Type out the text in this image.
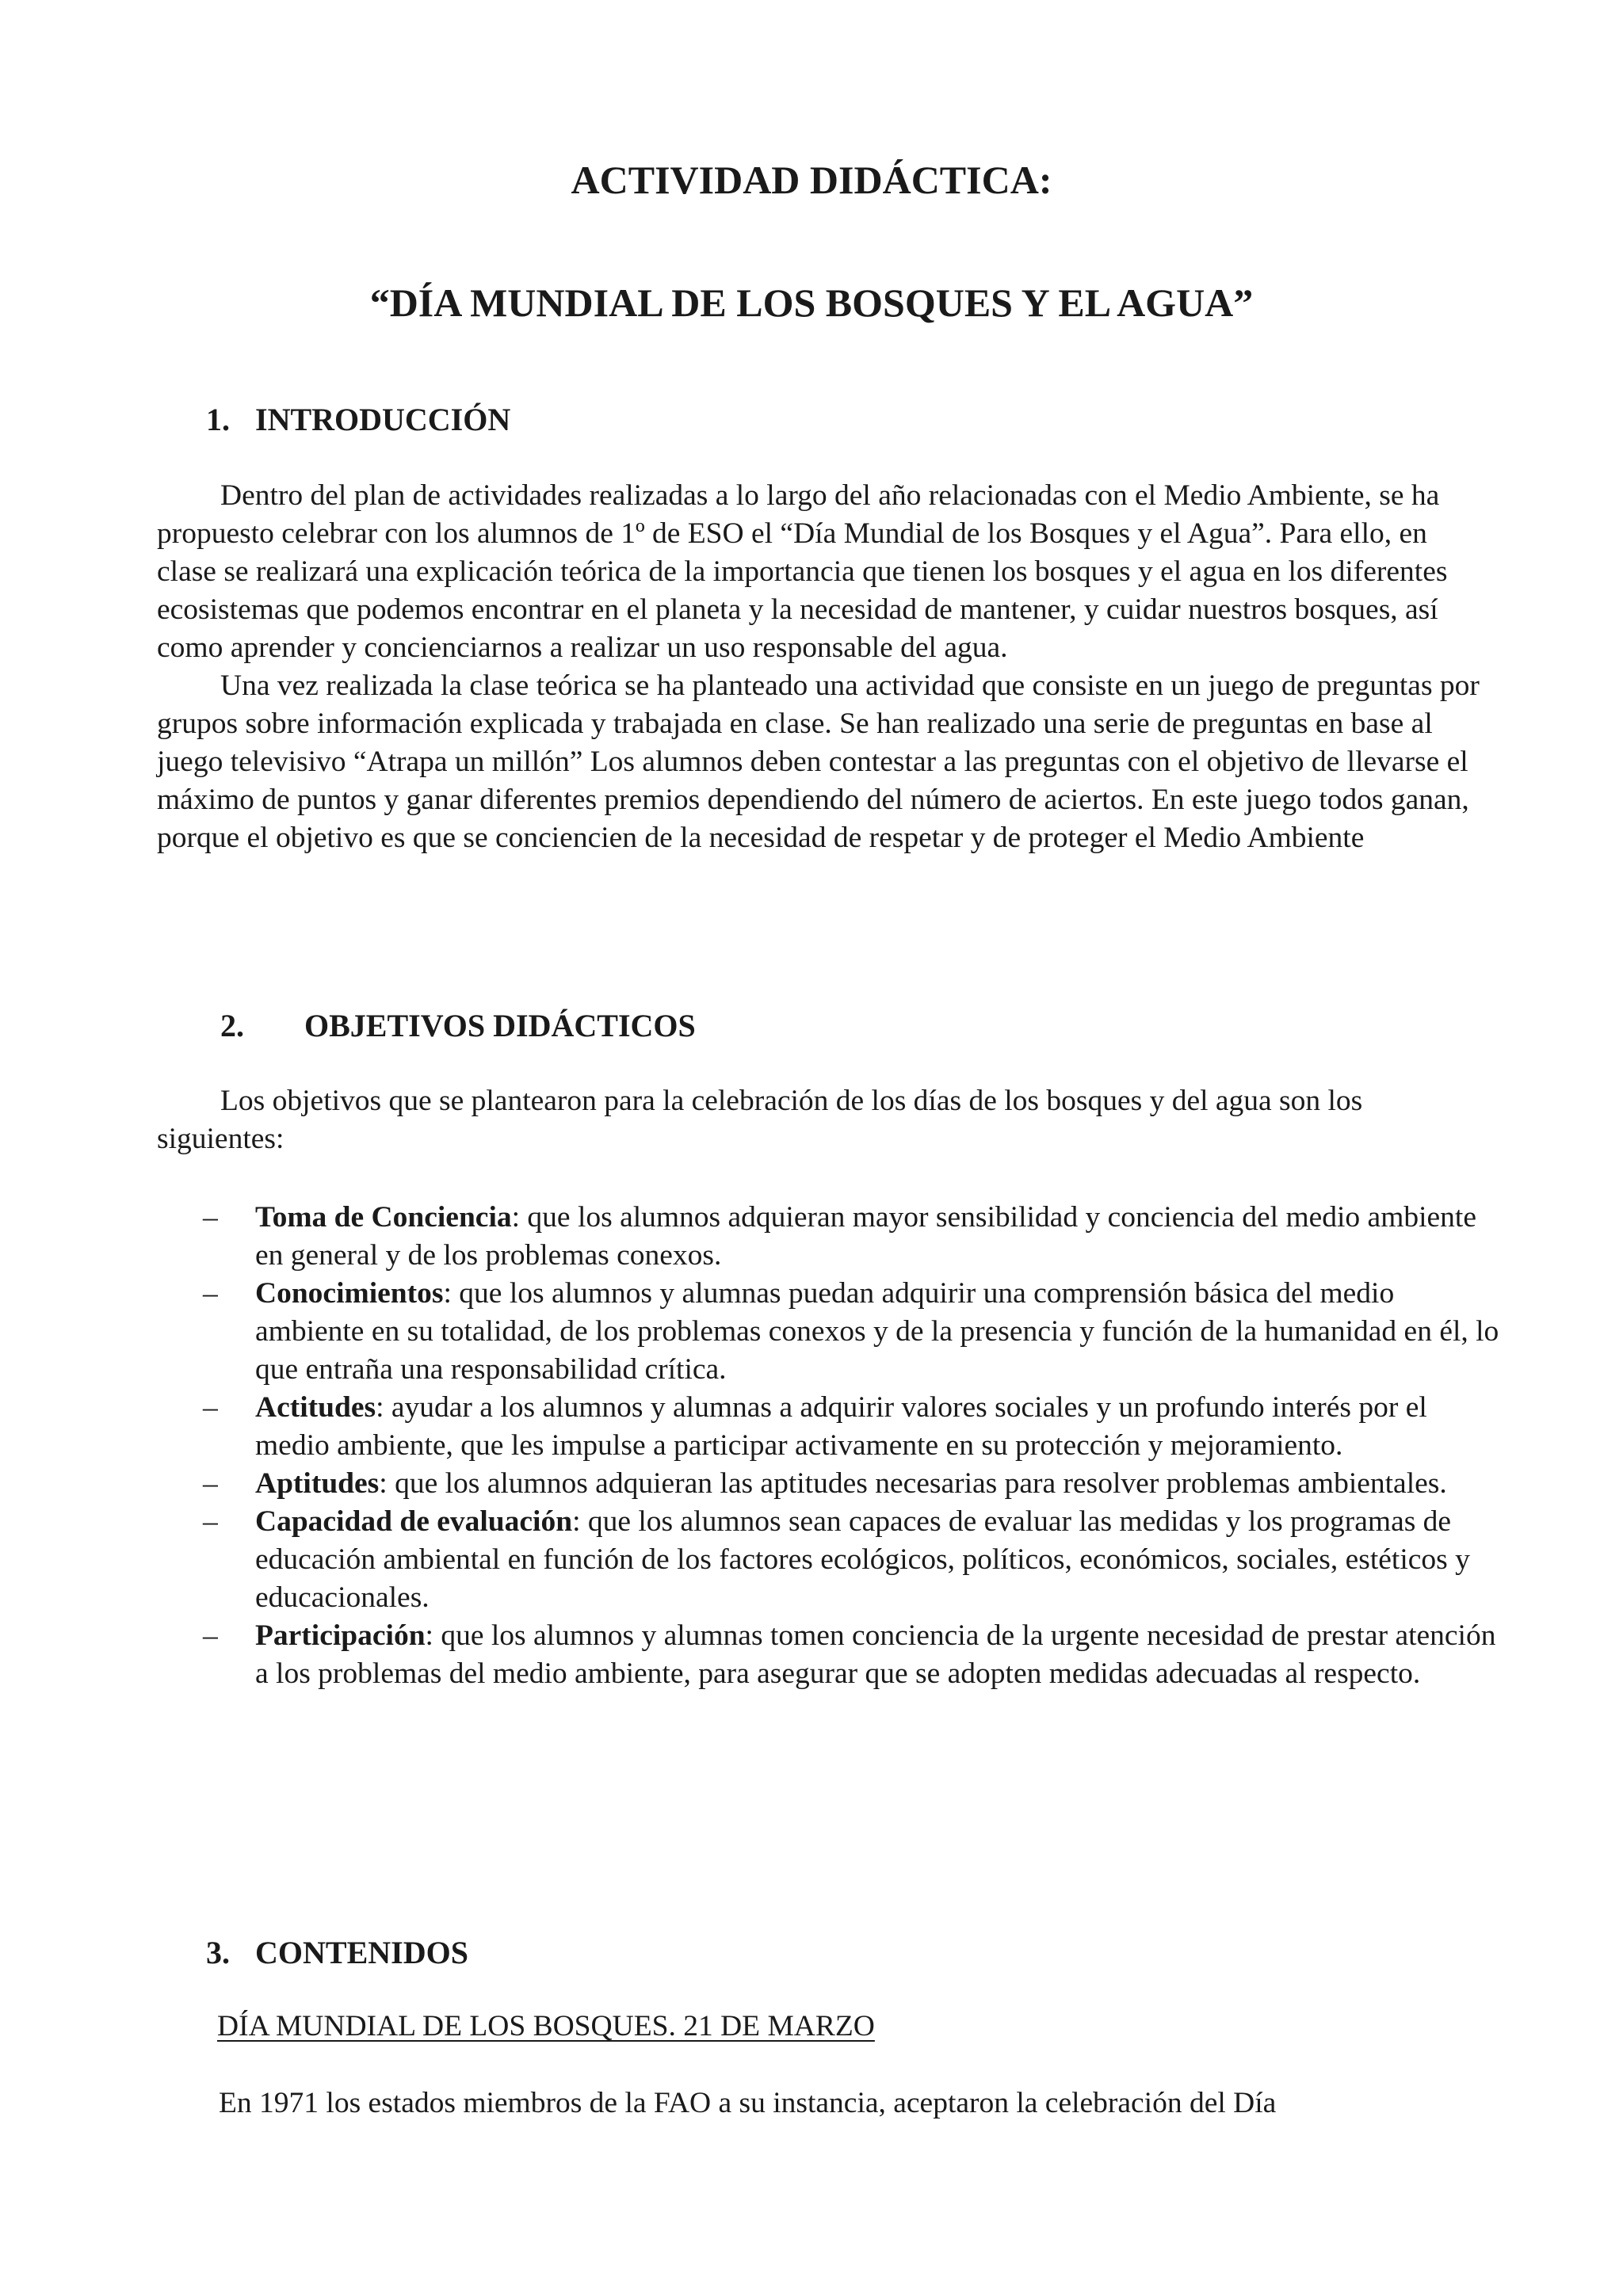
ACTIVIDAD DIDÁCTICA:
“DÍA MUNDIAL DE LOS BOSQUES Y EL AGUA”
1. INTRODUCCIÓN

Dentro del plan de actividades realizadas a lo largo del año relacionadas con el Medio Ambiente, se ha propuesto celebrar con los alumnos de 1º de ESO el “Día Mundial de los Bosques y el Agua”. Para ello, en clase se realizará una explicación teórica de la importancia que tienen los bosques y el agua en los diferentes ecosistemas que podemos encontrar en el planeta y la necesidad de mantener, y cuidar nuestros bosques, así como aprender y concienciarnos a realizar un uso responsable del agua.

Una vez realizada la clase teórica se ha planteado una actividad que consiste en un juego de preguntas por grupos sobre información explicada y trabajada en clase. Se han realizado una serie de preguntas en base al juego televisivo “Atrapa un millón” Los alumnos deben contestar a las preguntas con el objetivo de llevarse el máximo de puntos y ganar diferentes premios dependiendo del número de aciertos. En este juego todos ganan, porque el objetivo es que se conciencien de la necesidad de respetar y de proteger el Medio Ambiente

2. OBJETIVOS DIDÁCTICOS

Los objetivos que se plantearon para la celebración de los días de los bosques y del agua son los siguientes:

– Toma de Conciencia: que los alumnos adquieran mayor sensibilidad y conciencia del medio ambiente en general y de los problemas conexos.
– Conocimientos: que los alumnos y alumnas puedan adquirir una comprensión básica del medio ambiente en su totalidad, de los problemas conexos y de la presencia y función de la humanidad en él, lo que entraña una responsabilidad crítica.
– Actitudes: ayudar a los alumnos y alumnas a adquirir valores sociales y un profundo interés por el medio ambiente, que les impulse a participar activamente en su protección y mejoramiento.
– Aptitudes: que los alumnos adquieran las aptitudes necesarias para resolver problemas ambientales.
– Capacidad de evaluación: que los alumnos sean capaces de evaluar las medidas y los programas de educación ambiental en función de los factores ecológicos, políticos, económicos, sociales, estéticos y educacionales.
– Participación: que los alumnos y alumnas tomen conciencia de la urgente necesidad de prestar atención a los problemas del medio ambiente, para asegurar que se adopten medidas adecuadas al respecto.
3. CONTENIDOS

DÍA MUNDIAL DE LOS BOSQUES. 21 DE MARZO

En 1971 los estados miembros de la FAO a su instancia, aceptaron la celebración del Día
